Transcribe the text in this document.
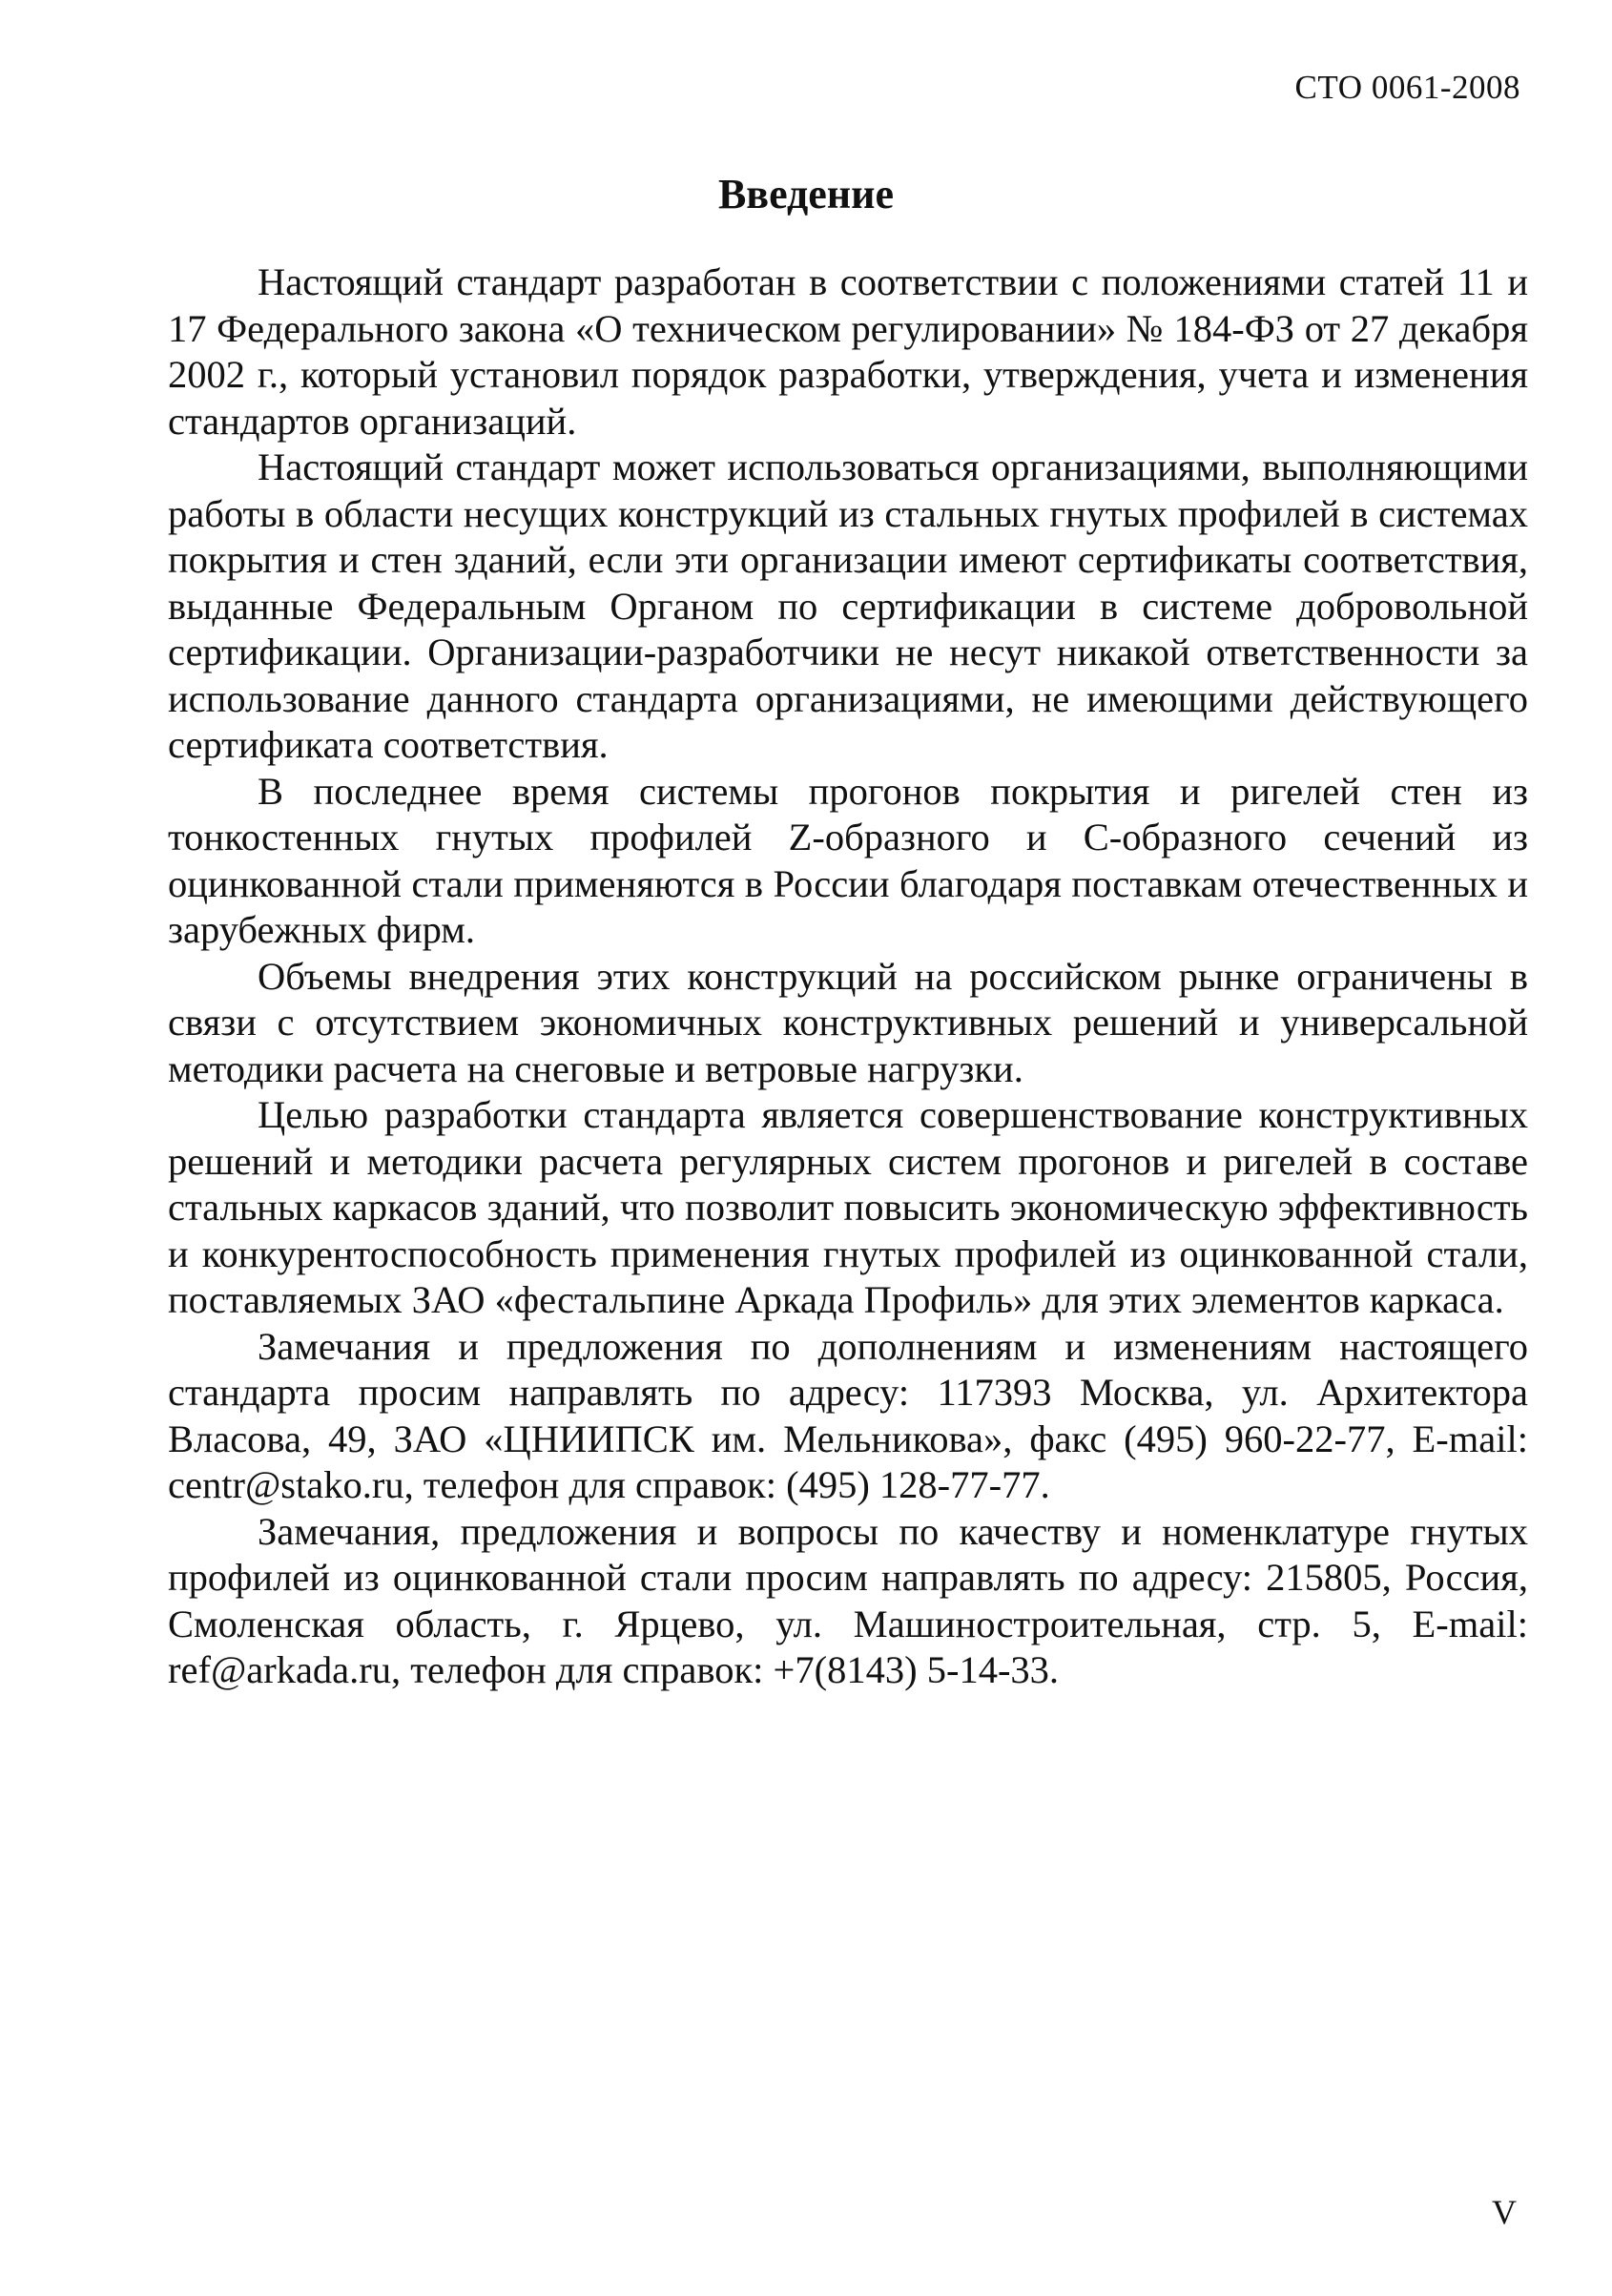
СТО 0061-2008
Введение

Настоящий стандарт разработан в соответствии с положениями статей 11 и 17 Федерального закона «О техническом регулировании» № 184-ФЗ от 27 декабря 2002 г., который установил порядок разработки, утверждения, учета и изменения стандартов организаций.

Настоящий стандарт может использоваться организациями, выполняющими работы в области несущих конструкций из стальных гнутых профилей в системах покрытия и стен зданий, если эти организации имеют сертификаты соответствия, выданные Федеральным Органом по сертификации в системе добровольной сертификации. Организации-разработчики не несут никакой ответственности за использование данного стандарта организациями, не имеющими действующего сертификата соответствия.

В последнее время системы прогонов покрытия и ригелей стен из тонкостенных гнутых профилей Z-образного и С-образного сечений из оцинкованной стали применяются в России благодаря поставкам отечественных и зарубежных фирм.

Объемы внедрения этих конструкций на российском рынке ограничены в связи с отсутствием экономичных конструктивных решений и универсальной методики расчета на снеговые и ветровые нагрузки.

Целью разработки стандарта является совершенствование конструктивных решений и методики расчета регулярных систем прогонов и ригелей в составе стальных каркасов зданий, что позволит повысить экономическую эффективность и конкурентоспособность применения гнутых профилей из оцинкованной стали, поставляемых ЗАО «фестальпине Аркада Профиль» для этих элементов каркаса.

Замечания и предложения по дополнениям и изменениям настоящего стандарта просим направлять по адресу: 117393 Москва, ул. Архитектора Власова, 49, ЗАО «ЦНИИПСК им. Мельникова», факс (495) 960-22-77, E-mail: centr@stako.ru, телефон для справок: (495) 128-77-77.

Замечания, предложения и вопросы по качеству и номенклатуре гнутых профилей из оцинкованной стали просим направлять по адресу: 215805, Россия, Смоленская область, г. Ярцево, ул. Машиностроительная, стр. 5, E-mail: ref@arkada.ru, телефон для справок: +7(8143) 5-14-33.

V
